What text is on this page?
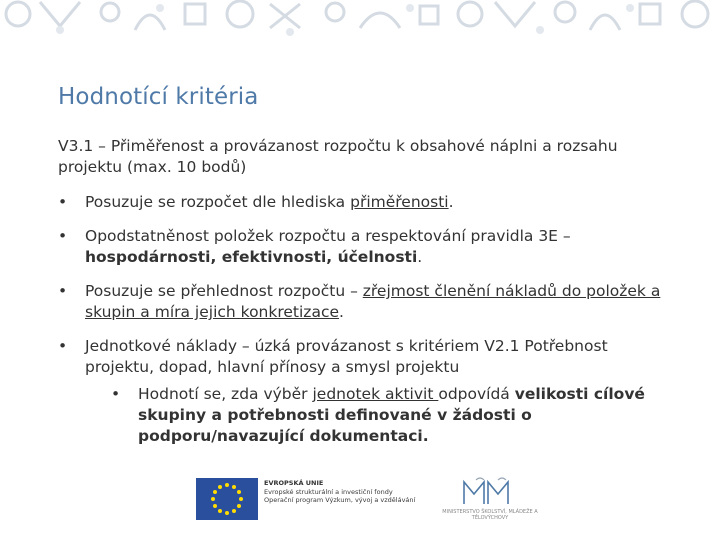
Hodnotící kritéria

V3.1 – Přiměřenost a provázanost rozpočtu k obsahové náplni a rozsahu projektu (max. 10 bodů)

• Posuzuje se rozpočet dle hlediska přiměřenosti.
• Opodstatněnost položek rozpočtu a respektování pravidla 3E – hospodárnosti, efektivnosti, účelnosti.
• Posuzuje se přehlednost rozpočtu – zřejmost členění nákladů do položek a skupin a míra jejich konkretizace.
• Jednotkové náklady – úzká provázanost s kritériem V2.1 Potřebnost projektu, dopad, hlavní přínosy a smysl projektu
• Hodnotí se, zda výběr jednotek aktivit odpovídá velikosti cílové skupiny a potřebnosti definované v žádosti o podporu/navazující dokumentaci.
EVROPSKÁ UNIE
Evropské strukturální a investiční fondy
Operační program Výzkum, vývoj a vzdělávání
MINISTERSTVO ŠKOLSTVÍ, MLÁDEŽE A TĚLOVÝCHOVY
